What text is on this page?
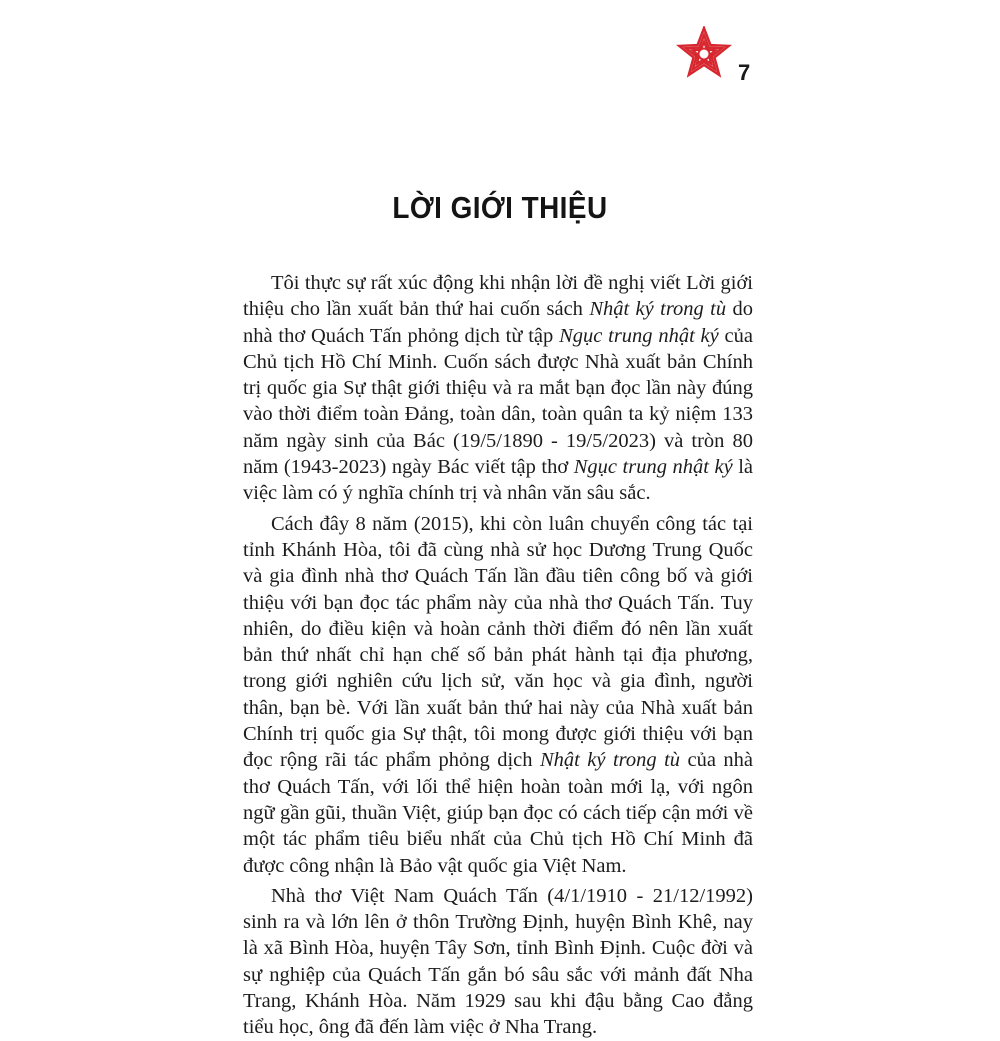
7
LỜI GIỚI THIỆU

Tôi thực sự rất xúc động khi nhận lời đề nghị viết Lời giới thiệu cho lần xuất bản thứ hai cuốn sách Nhật ký trong tù do nhà thơ Quách Tấn phỏng dịch từ tập Ngục trung nhật ký của Chủ tịch Hồ Chí Minh. Cuốn sách được Nhà xuất bản Chính trị quốc gia Sự thật giới thiệu và ra mắt bạn đọc lần này đúng vào thời điểm toàn Đảng, toàn dân, toàn quân ta kỷ niệm 133 năm ngày sinh của Bác (19/5/1890 - 19/5/2023) và tròn 80 năm (1943-2023) ngày Bác viết tập thơ Ngục trung nhật ký là việc làm có ý nghĩa chính trị và nhân văn sâu sắc.

Cách đây 8 năm (2015), khi còn luân chuyển công tác tại tỉnh Khánh Hòa, tôi đã cùng nhà sử học Dương Trung Quốc và gia đình nhà thơ Quách Tấn lần đầu tiên công bố và giới thiệu với bạn đọc tác phẩm này của nhà thơ Quách Tấn. Tuy nhiên, do điều kiện và hoàn cảnh thời điểm đó nên lần xuất bản thứ nhất chỉ hạn chế số bản phát hành tại địa phương, trong giới nghiên cứu lịch sử, văn học và gia đình, người thân, bạn bè. Với lần xuất bản thứ hai này của Nhà xuất bản Chính trị quốc gia Sự thật, tôi mong được giới thiệu với bạn đọc rộng rãi tác phẩm phỏng dịch Nhật ký trong tù của nhà thơ Quách Tấn, với lối thể hiện hoàn toàn mới lạ, với ngôn ngữ gần gũi, thuần Việt, giúp bạn đọc có cách tiếp cận mới về một tác phẩm tiêu biểu nhất của Chủ tịch Hồ Chí Minh đã được công nhận là Bảo vật quốc gia Việt Nam.

Nhà thơ Việt Nam Quách Tấn (4/1/1910 - 21/12/1992) sinh ra và lớn lên ở thôn Trường Định, huyện Bình Khê, nay là xã Bình Hòa, huyện Tây Sơn, tỉnh Bình Định. Cuộc đời và sự nghiệp của Quách Tấn gắn bó sâu sắc với mảnh đất Nha Trang, Khánh Hòa. Năm 1929 sau khi đậu bằng Cao đẳng tiểu học, ông đã đến làm việc ở Nha Trang.
